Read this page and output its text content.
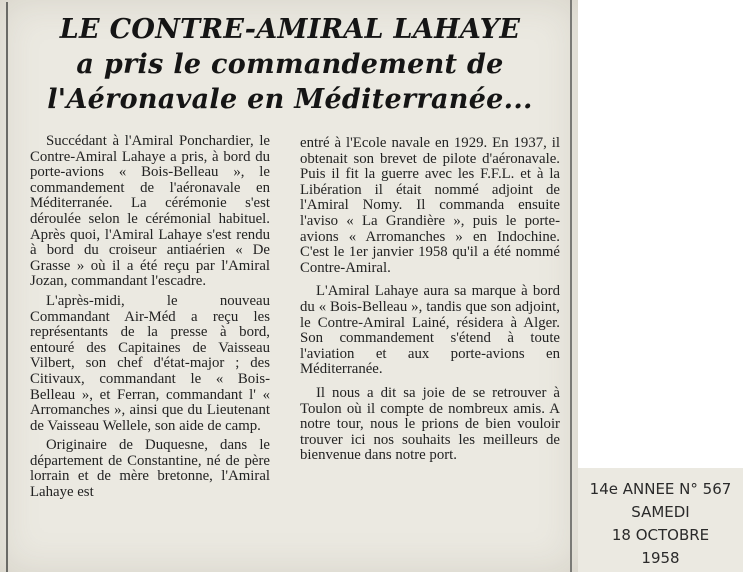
LE CONTRE-AMIRAL LAHAYE
a pris le commandement de
l'Aéronavale en Méditerranée...

Succédant à l'Amiral Ponchardier, le Contre-Amiral Lahaye a pris, à bord du porte-avions « Bois-Belleau », le commandement de l'aéronavale en Méditerranée. La cérémonie s'est déroulée selon le cérémonial habituel. Après quoi, l'Amiral Lahaye s'est rendu à bord du croiseur antiaérien « De Grasse » où il a été reçu par l'Amiral Jozan, commandant l'escadre.

L'après-midi, le nouveau Commandant Air-Méd a reçu les représentants de la presse à bord, entouré des Capitaines de Vaisseau Vilbert, son chef d'état-major ; des Citivaux, commandant le « Bois-Belleau », et Ferran, commandant l' « Arromanches », ainsi que du Lieutenant de Vaisseau Wellele, son aide de camp.

Originaire de Duquesne, dans le département de Constantine, né de père lorrain et de mère bretonne, l'Amiral Lahaye est

entré à l'Ecole navale en 1929. En 1937, il obtenait son brevet de pilote d'aéronavale. Puis il fit la guerre avec les F.F.L. et à la Libération il était nommé adjoint de l'Amiral Nomy. Il commanda ensuite l'aviso « La Grandière », puis le porte-avions « Arromanches » en Indochine. C'est le 1er janvier 1958 qu'il a été nommé Contre-Amiral.

L'Amiral Lahaye aura sa marque à bord du « Bois-Belleau », tandis que son adjoint, le Contre-Amiral Lainé, résidera à Alger. Son commandement s'étend à toute l'aviation et aux porte-avions en Méditerranée.

Il nous a dit sa joie de se retrouver à Toulon où il compte de nombreux amis. A notre tour, nous le prions de bien vouloir trouver ici nos souhaits les meilleurs de bienvenue dans notre port.

14e ANNEE N° 567
SAMEDI
18 OCTOBRE
1958
